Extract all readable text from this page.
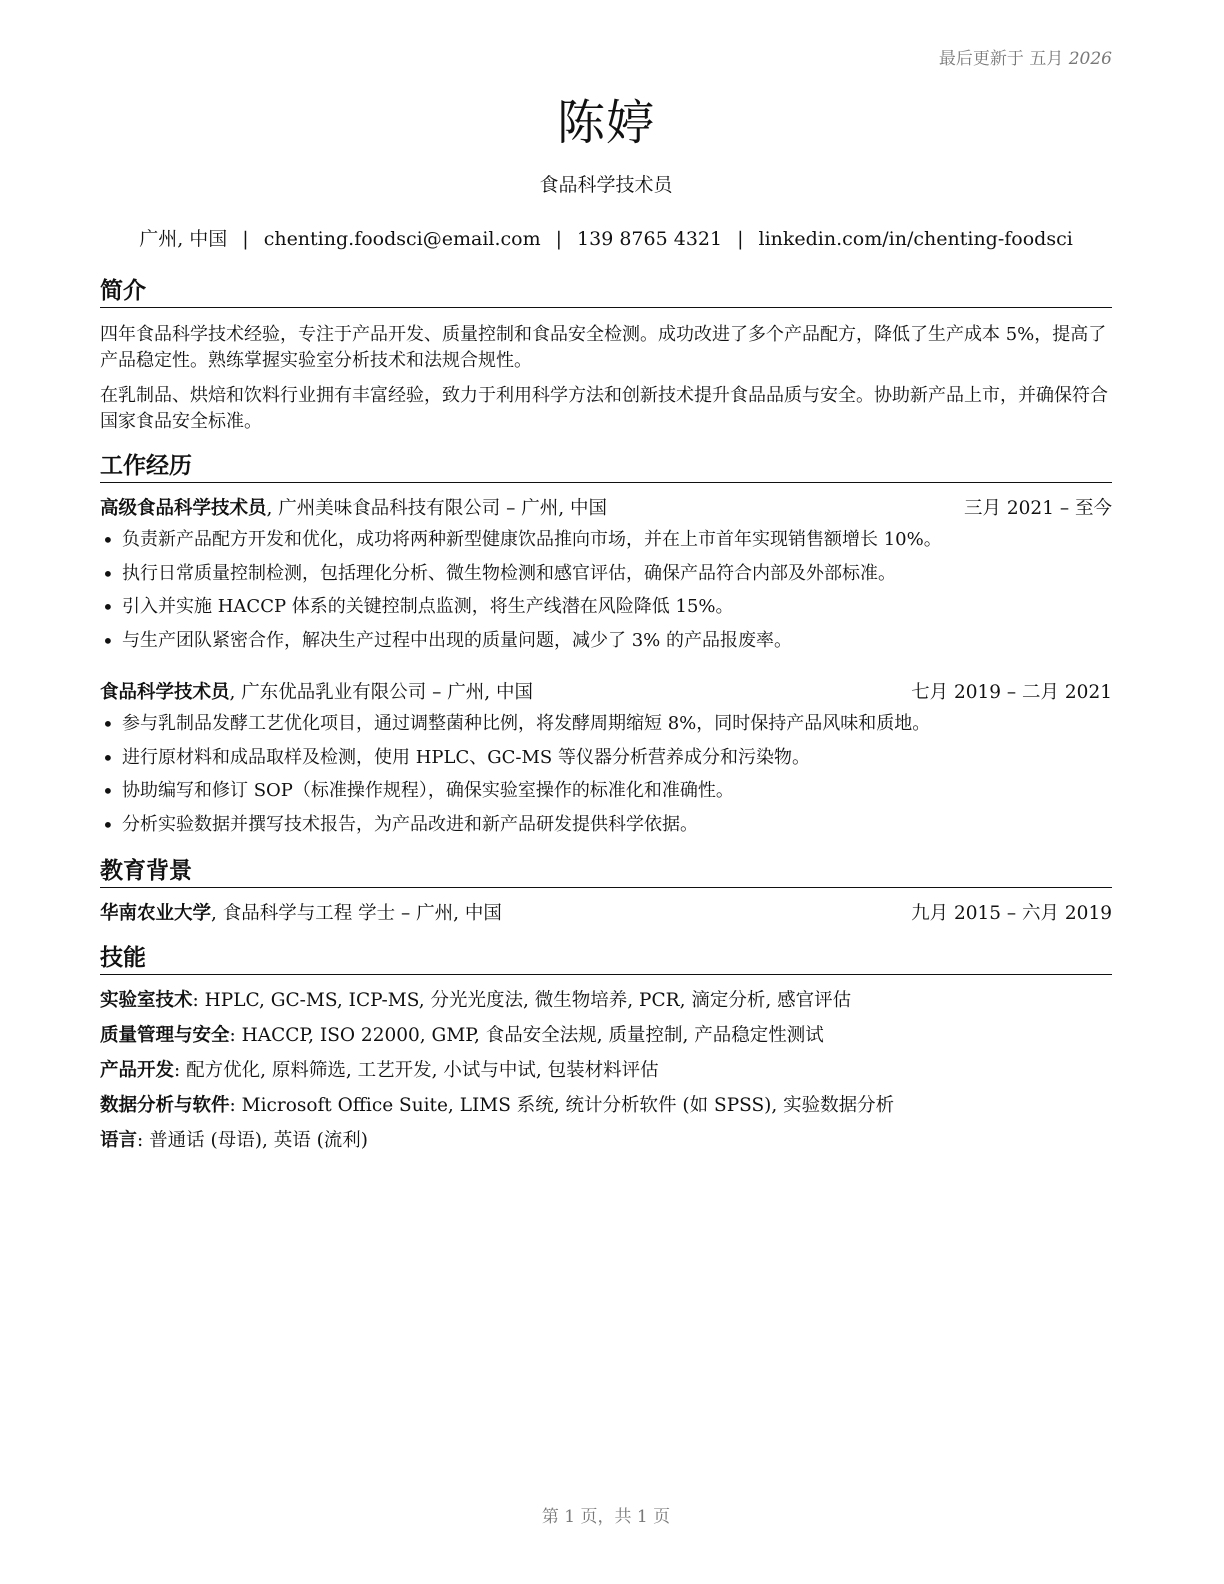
最后更新于 五月 2026
陈婷
食品科学技术员
广州, 中国 | chenting.foodsci@email.com | 139 8765 4321 | linkedin.com/in/chenting-foodsci
简介

四年食品科学技术经验，专注于产品开发、质量控制和食品安全检测。成功改进了多个产品配方，降低了生产成本 5%，提高了产品稳定性。熟练掌握实验室分析技术和法规合规性。

在乳制品、烘焙和饮料行业拥有丰富经验，致力于利用科学方法和创新技术提升食品品质与安全。协助新产品上市，并确保符合国家食品安全标准。

工作经历
高级食品科学技术员, 广州美味食品科技有限公司 – 广州, 中国	三月 2021 – 至今
• 负责新产品配方开发和优化，成功将两种新型健康饮品推向市场，并在上市首年实现销售额增长 10%。
• 执行日常质量控制检测，包括理化分析、微生物检测和感官评估，确保产品符合内部及外部标准。
• 引入并实施 HACCP 体系的关键控制点监测，将生产线潜在风险降低 15%。
• 与生产团队紧密合作，解决生产过程中出现的质量问题，减少了 3% 的产品报废率。
食品科学技术员, 广东优品乳业有限公司 – 广州, 中国	七月 2019 – 二月 2021
• 参与乳制品发酵工艺优化项目，通过调整菌种比例，将发酵周期缩短 8%，同时保持产品风味和质地。
• 进行原材料和成品取样及检测，使用 HPLC、GC-MS 等仪器分析营养成分和污染物。
• 协助编写和修订 SOP（标准操作规程），确保实验室操作的标准化和准确性。
• 分析实验数据并撰写技术报告，为产品改进和新产品研发提供科学依据。
教育背景
华南农业大学, 食品科学与工程 学士 – 广州, 中国	九月 2015 – 六月 2019
技能
实验室技术: HPLC, GC-MS, ICP-MS, 分光光度法, 微生物培养, PCR, 滴定分析, 感官评估
质量管理与安全: HACCP, ISO 22000, GMP, 食品安全法规, 质量控制, 产品稳定性测试
产品开发: 配方优化, 原料筛选, 工艺开发, 小试与中试, 包装材料评估
数据分析与软件: Microsoft Office Suite, LIMS 系统, 统计分析软件 (如 SPSS), 实验数据分析
语言: 普通话 (母语), 英语 (流利)
第 1 页，共 1 页
